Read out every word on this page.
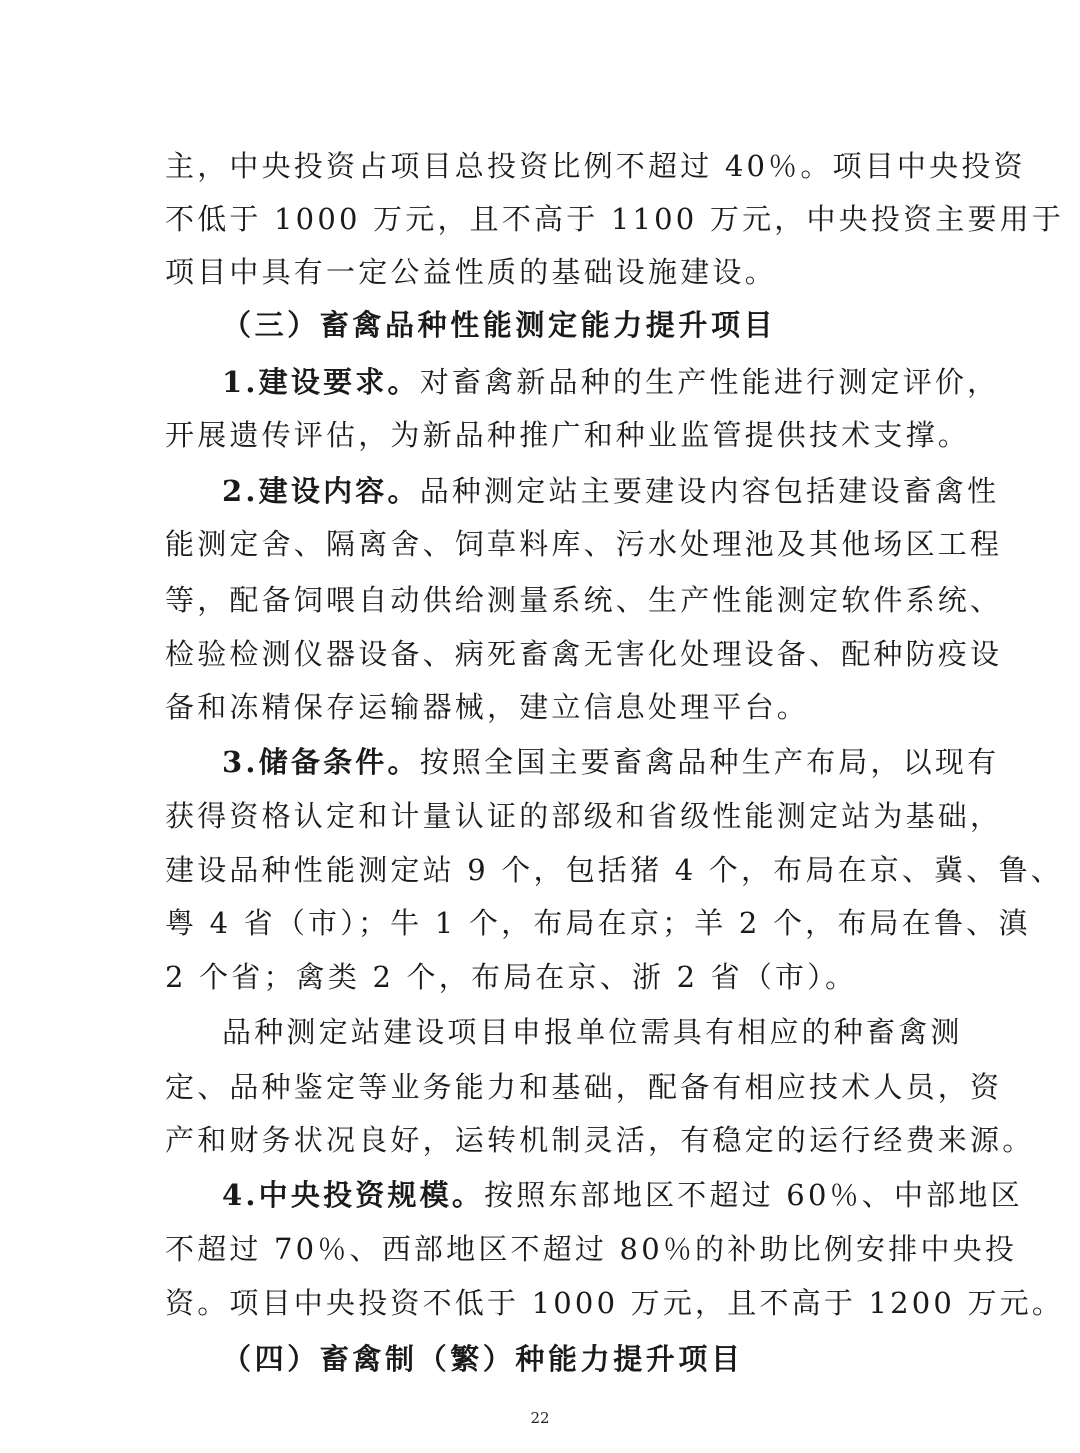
主，中央投资占项目总投资比例不超过 40％。项目中央投资
不低于 1000 万元，且不高于 1100 万元，中央投资主要用于
项目中具有一定公益性质的基础设施建设。
（三）畜禽品种性能测定能力提升项目
1.建设要求。对畜禽新品种的生产性能进行测定评价，
开展遗传评估，为新品种推广和种业监管提供技术支撑。
2.建设内容。品种测定站主要建设内容包括建设畜禽性
能测定舍、隔离舍、饲草料库、污水处理池及其他场区工程
等，配备饲喂自动供给测量系统、生产性能测定软件系统、
检验检测仪器设备、病死畜禽无害化处理设备、配种防疫设
备和冻精保存运输器械，建立信息处理平台。
3.储备条件。按照全国主要畜禽品种生产布局，以现有
获得资格认定和计量认证的部级和省级性能测定站为基础，
建设品种性能测定站 9 个，包括猪 4 个，布局在京、冀、鲁、
粤 4 省（市）；牛 1 个，布局在京；羊 2 个，布局在鲁、滇
2 个省；禽类 2 个，布局在京、浙 2 省（市）。
品种测定站建设项目申报单位需具有相应的种畜禽测
定、品种鉴定等业务能力和基础，配备有相应技术人员，资
产和财务状况良好，运转机制灵活，有稳定的运行经费来源。
4.中央投资规模。按照东部地区不超过 60％、中部地区
不超过 70％、西部地区不超过 80％的补助比例安排中央投
资。项目中央投资不低于 1000 万元，且不高于 1200 万元。
（四）畜禽制（繁）种能力提升项目
22
